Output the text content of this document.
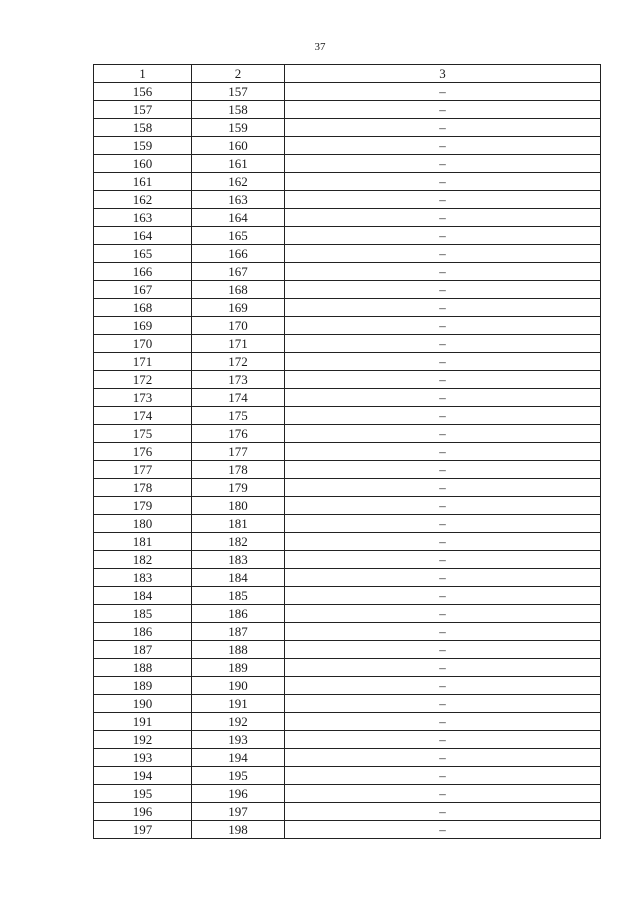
37
1	2	3
156	157	–
157	158	–
158	159	–
159	160	–
160	161	–
161	162	–
162	163	–
163	164	–
164	165	–
165	166	–
166	167	–
167	168	–
168	169	–
169	170	–
170	171	–
171	172	–
172	173	–
173	174	–
174	175	–
175	176	–
176	177	–
177	178	–
178	179	–
179	180	–
180	181	–
181	182	–
182	183	–
183	184	–
184	185	–
185	186	–
186	187	–
187	188	–
188	189	–
189	190	–
190	191	–
191	192	–
192	193	–
193	194	–
194	195	–
195	196	–
196	197	–
197	198	–
